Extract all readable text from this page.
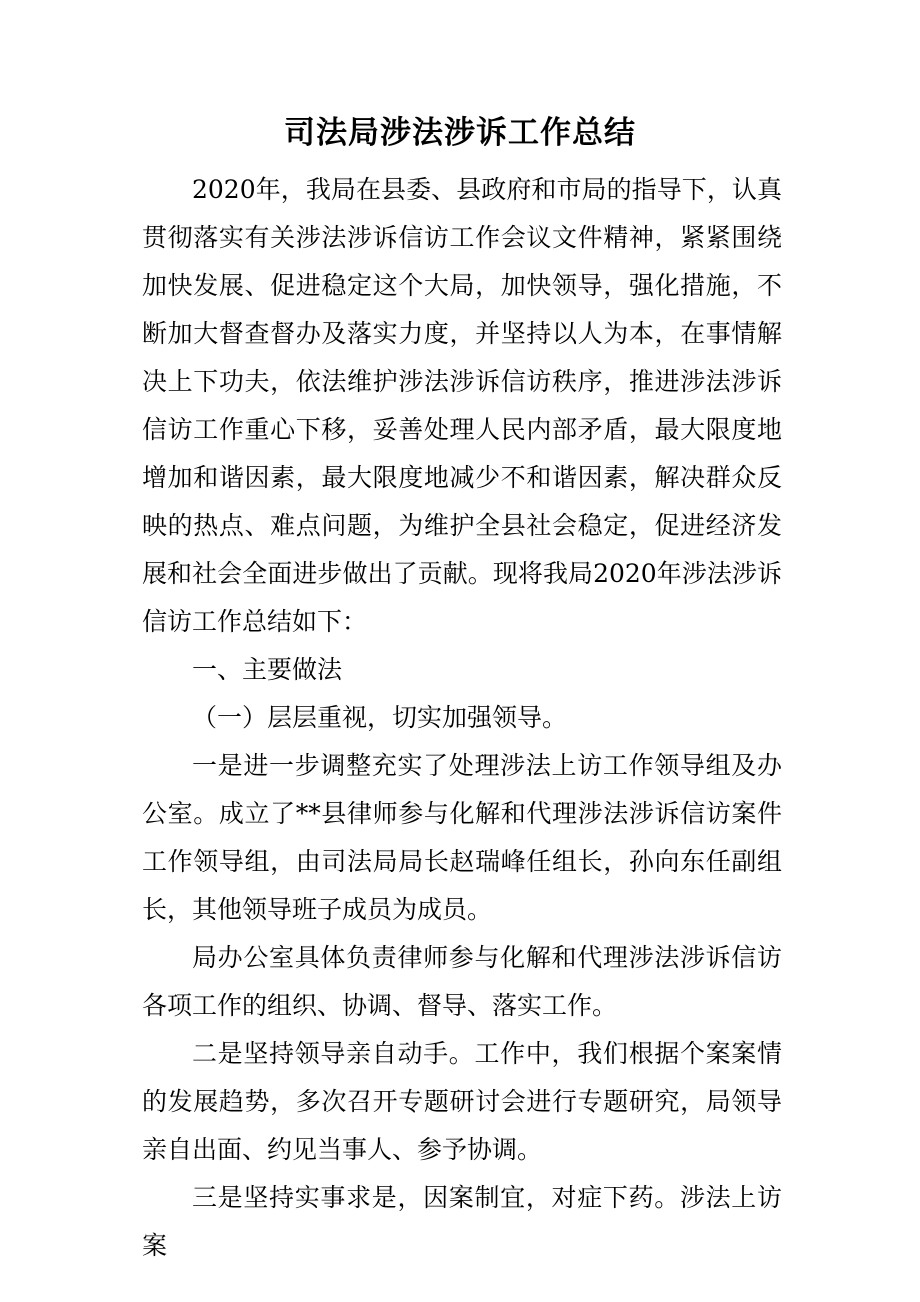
司法局涉法涉诉工作总结

2020年，我局在县委、县政府和市局的指导下，认真贯彻落实有关涉法涉诉信访工作会议文件精神，紧紧围绕加快发展、促进稳定这个大局，加快领导，强化措施，不断加大督查督办及落实力度，并坚持以人为本，在事情解决上下功夫，依法维护涉法涉诉信访秩序，推进涉法涉诉信访工作重心下移，妥善处理人民内部矛盾，最大限度地增加和谐因素，最大限度地减少不和谐因素，解决群众反映的热点、难点问题，为维护全县社会稳定，促进经济发展和社会全面进步做出了贡献。现将我局2020年涉法涉诉信访工作总结如下：

一、主要做法

（一）层层重视，切实加强领导。

一是进一步调整充实了处理涉法上访工作领导组及办公室。成立了**县律师参与化解和代理涉法涉诉信访案件工作领导组，由司法局局长赵瑞峰任组长，孙向东任副组长，其他领导班子成员为成员。

局办公室具体负责律师参与化解和代理涉法涉诉信访各项工作的组织、协调、督导、落实工作。

二是坚持领导亲自动手。工作中，我们根据个案案情的发展趋势，多次召开专题研讨会进行专题研究，局领导亲自出面、约见当事人、参予协调。

三是坚持实事求是，因案制宜，对症下药。涉法上访案
